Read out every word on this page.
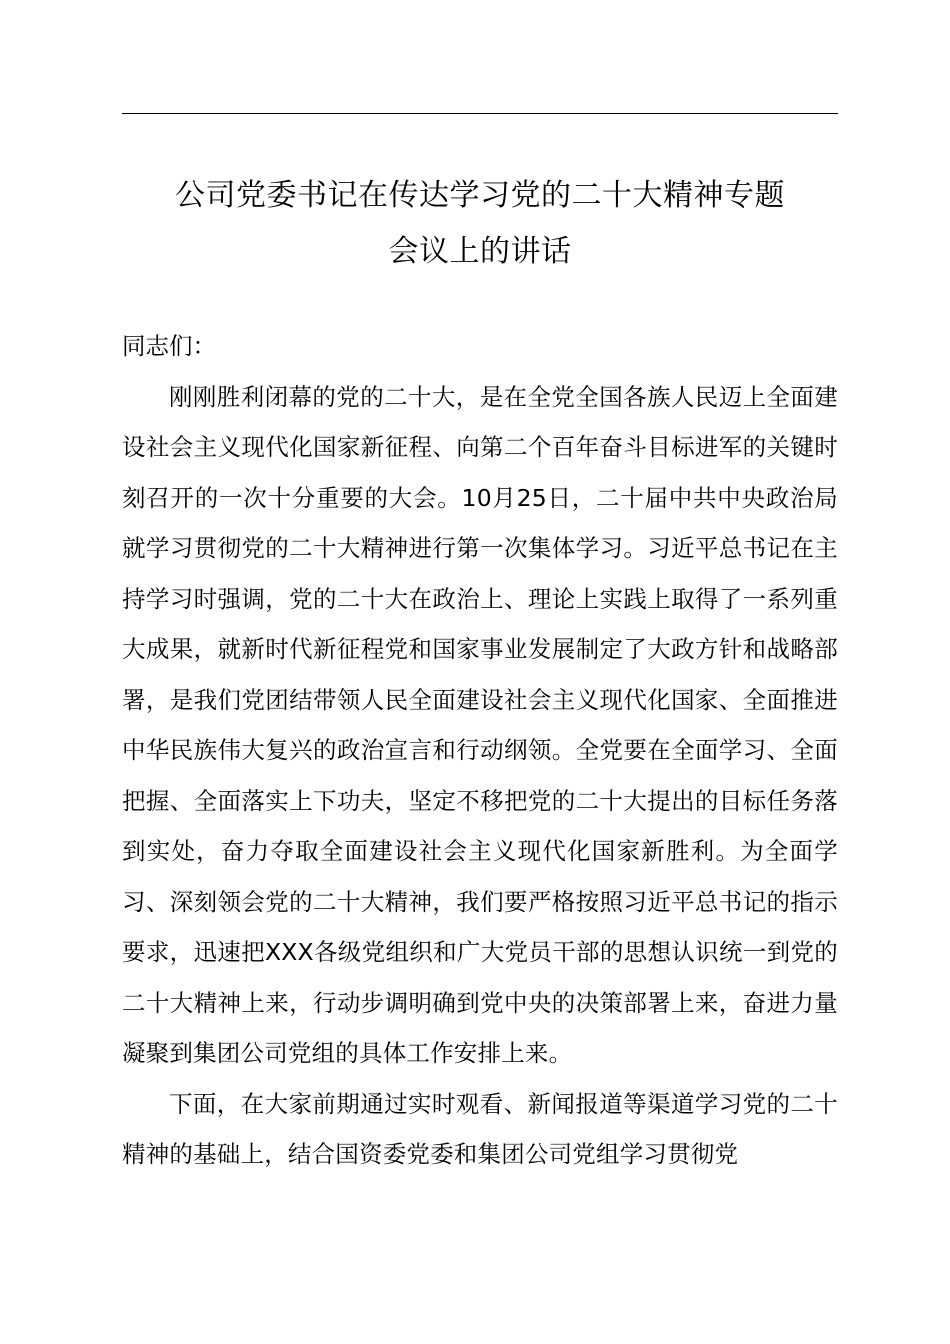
公司党委书记在传达学习党的二十大精神专题
会议上的讲话

同志们：

刚刚胜利闭幕的党的二十大，是在全党全国各族人民迈上全面建设社会主义现代化国家新征程、向第二个百年奋斗目标进军的关键时刻召开的一次十分重要的大会。10月25日，二十届中共中央政治局就学习贯彻党的二十大精神进行第一次集体学习。习近平总书记在主持学习时强调，党的二十大在政治上、理论上实践上取得了一系列重大成果，就新时代新征程党和国家事业发展制定了大政方针和战略部署，是我们党团结带领人民全面建设社会主义现代化国家、全面推进中华民族伟大复兴的政治宣言和行动纲领。全党要在全面学习、全面把握、全面落实上下功夫，坚定不移把党的二十大提出的目标任务落到实处，奋力夺取全面建设社会主义现代化国家新胜利。为全面学习、深刻领会党的二十大精神，我们要严格按照习近平总书记的指示要求，迅速把XXX各级党组织和广大党员干部的思想认识统一到党的二十大精神上来，行动步调明确到党中央的决策部署上来，奋进力量凝聚到集团公司党组的具体工作安排上来。

下面，在大家前期通过实时观看、新闻报道等渠道学习党的二十精神的基础上，结合国资委党委和集团公司党组学习贯彻党
